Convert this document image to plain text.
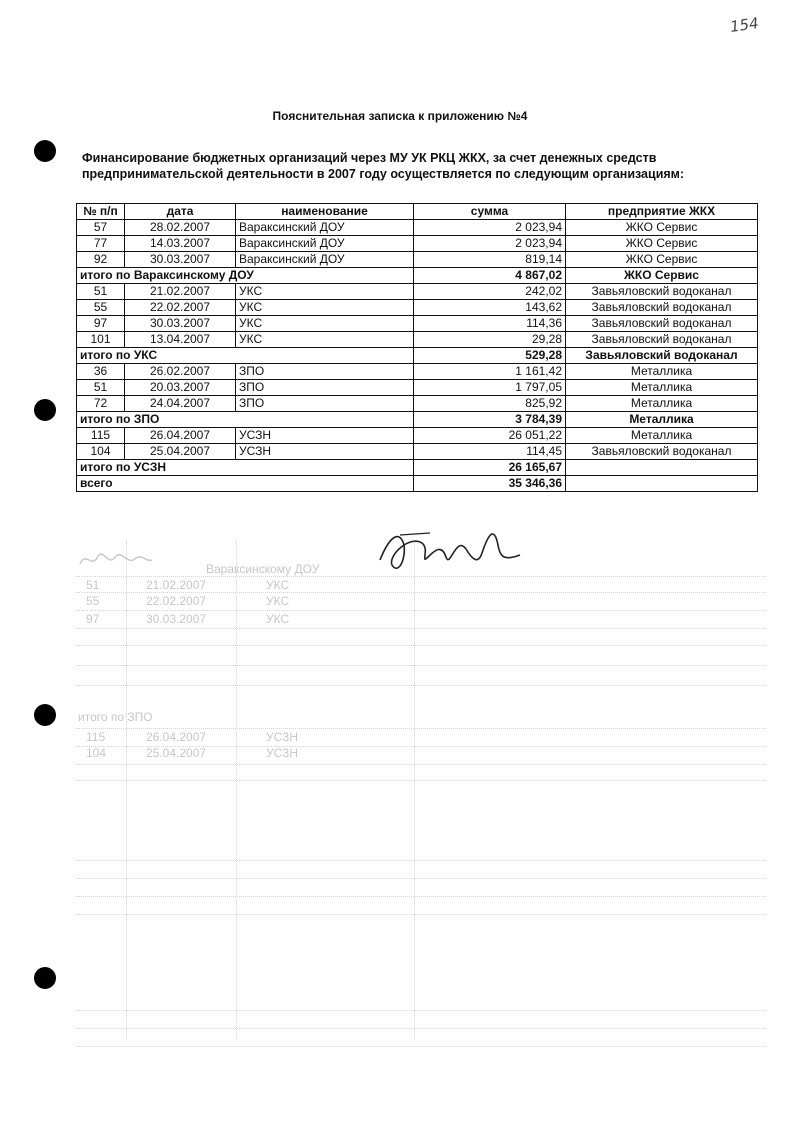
154
Пояснительная записка к приложению №4
Финансирование бюджетных организаций через МУ УК РКЦ ЖКХ, за счет денежных средств
предпринимательской деятельности в 2007 году осуществляется по следующим организациям:
№ п/п	дата	наименование	сумма	предприятие ЖКХ
57	28.02.2007	Вараксинский ДОУ	2 023,94	ЖКО Сервис
77	14.03.2007	Вараксинский ДОУ	2 023,94	ЖКО Сервис
92	30.03.2007	Вараксинский ДОУ	819,14	ЖКО Сервис
итого по Вараксинскому ДОУ			4 867,02	ЖКО Сервис
51	21.02.2007	УКС	242,02	Завьяловский водоканал
55	22.02.2007	УКС	143,62	Завьяловский водоканал
97	30.03.2007	УКС	114,36	Завьяловский водоканал
101	13.04.2007	УКС	29,28	Завьяловский водоканал
итого по УКС			529,28	Завьяловский водоканал
36	26.02.2007	ЗПО	1 161,42	Металлика
51	20.03.2007	ЗПО	1 797,05	Металлика
72	24.04.2007	ЗПО	825,92	Металлика
итого по ЗПО			3 784,39	Металлика
115	26.04.2007	УСЗН	26 051,22	Металлика
104	25.04.2007	УСЗН	114,45	Завьяловский водоканал
итого по УСЗН			26 165,67	
всего			35 346,36	
Вараксинскому ДОУ
51	21.02.2007	УКС
55	22.02.2007	УКС
97	30.03.2007	УКС
итого по ЗПО
115	26.04.2007	УСЗН
104	25.04.2007	УСЗН
